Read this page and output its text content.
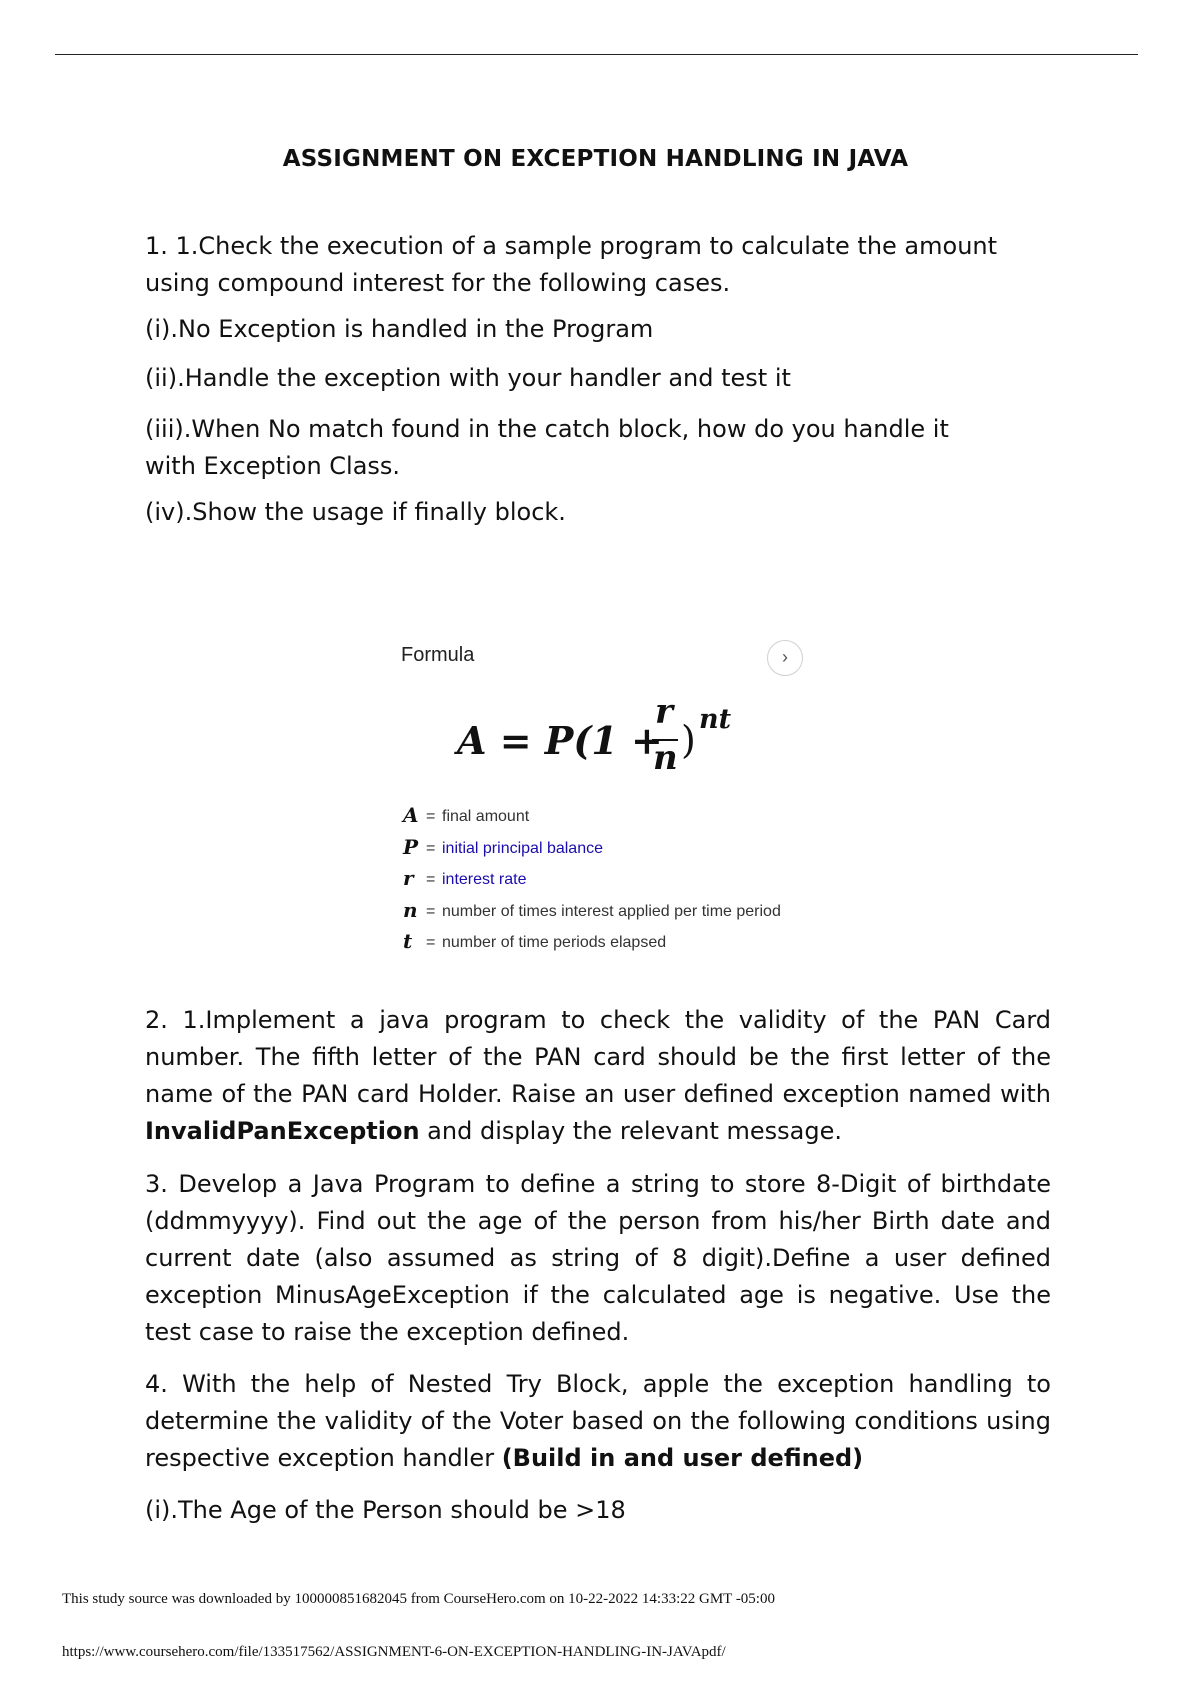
ASSIGNMENT ON EXCEPTION HANDLING IN JAVA

1. 1.Check the execution of a sample program to calculate the amount using compound interest for the following cases.

(i).No Exception is handled in the Program

(ii).Handle the exception with your handler and test it

(iii).When No match found in the catch block, how do you handle it with Exception Class.

(iv).Show the usage if finally block.

Formula	›
A = P(1 +
r
n ) nt
A = final amount
P = initial principal balance
r = interest rate
n = number of times interest applied per time period
t = number of time periods elapsed

2. 1.Implement a java program to check the validity of the PAN Card number. The fifth letter of the PAN card should be the first letter of the name of the PAN card Holder. Raise an user defined exception named with InvalidPanException and display the relevant message.

3. Develop a Java Program to define a string to store 8-Digit of birthdate (ddmmyyyy). Find out the age of the person from his/her Birth date and current date (also assumed as string of 8 digit).Define a user defined exception MinusAgeException if the calculated age is negative. Use the test case to raise the exception defined.

4. With the help of Nested Try Block, apple the exception handling to determine the validity of the Voter based on the following conditions using respective exception handler (Build in and user defined)

(i).The Age of the Person should be >18

This study source was downloaded by 100000851682045 from CourseHero.com on 10-22-2022 14:33:22 GMT -05:00
https://www.coursehero.com/file/133517562/ASSIGNMENT-6-ON-EXCEPTION-HANDLING-IN-JAVApdf/
